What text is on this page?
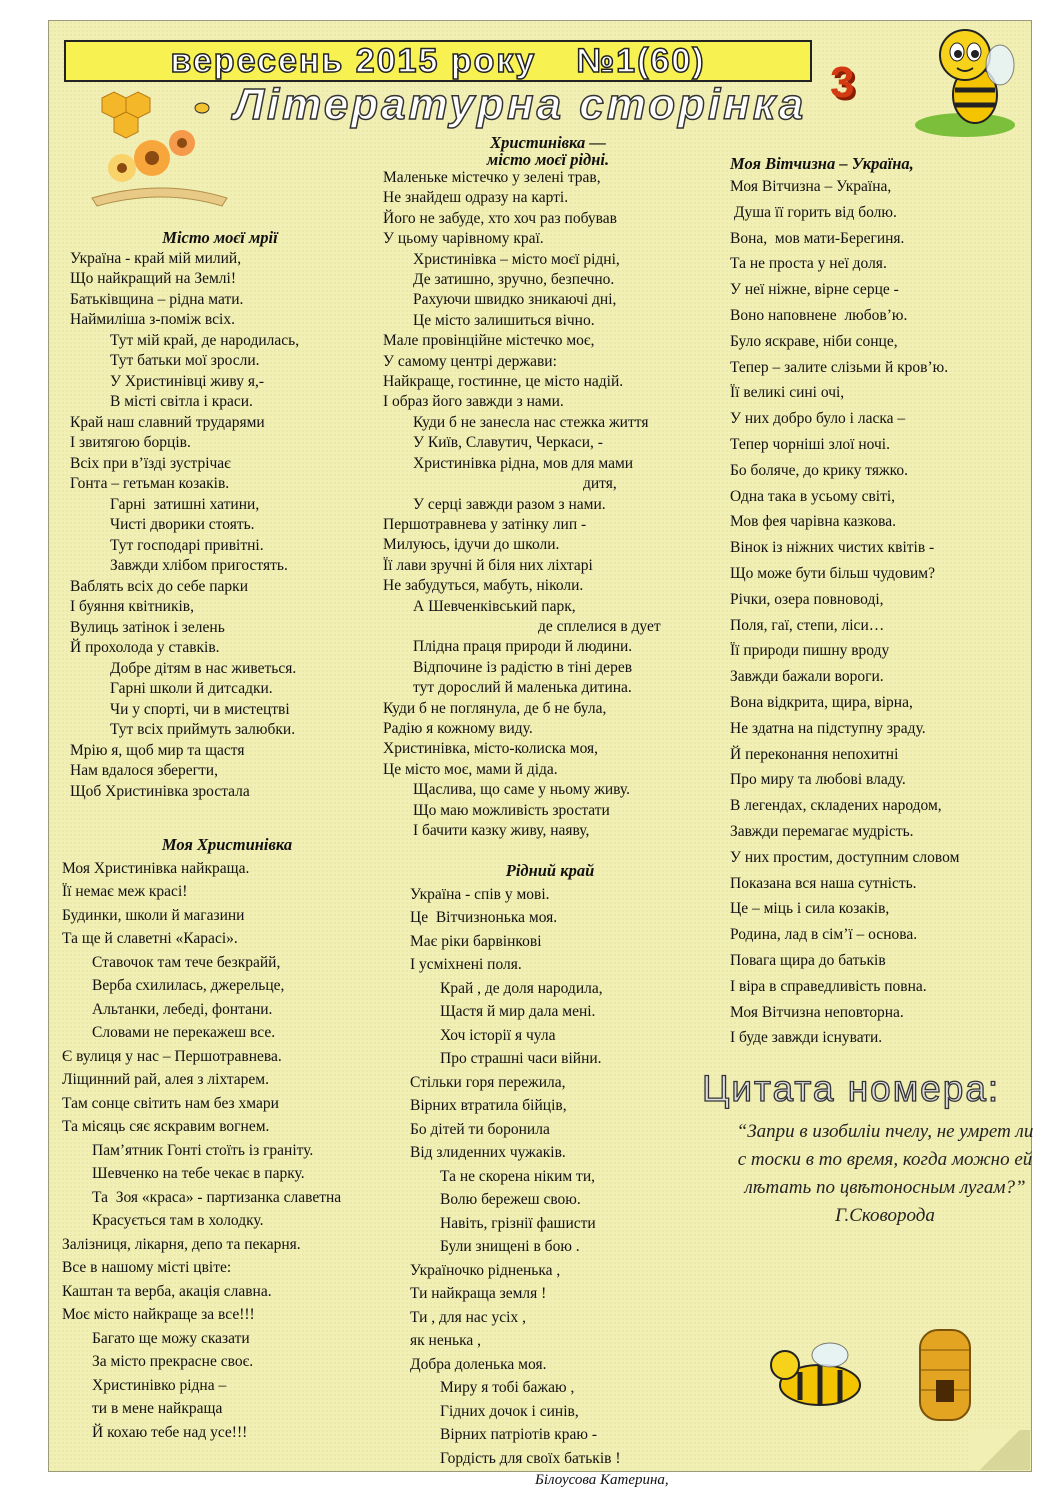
вересень 2015 року №1(60)	3
Літературна сторінка
Місто моєї мрії
Україна - край мій милий,
Що найкращий на Землі!
Батьківщина – рідна мати.
Наймиліша з-поміж всіх.
Тут мій край, де народилась,
Тут батьки мої зросли.
У Христинівці живу я,-
В місті світла і краси.
Край наш славний трударями
І звитягою борців.
Всіх при в’їзді зустрічає
Гонта – гетьман козаків.
Гарні  затишні хатини,
Чисті дворики стоять.
Тут господарі привітні.
Завжди хлібом пригостять.
Ваблять всіх до себе парки
І буяння квітників,
Вулиць затінок і зелень
Й прохолода у ставків.
Добре дітям в нас живеться.
Гарні школи й дитсадки.
Чи у спорті, чи в мистецтві
Тут всіх приймуть залюбки.
Мрію я, щоб мир та щастя
Нам вдалося зберегти,
Щоб Христинівка зростала
Моя Христинівка
Моя Христинівка найкраща.
Її немає меж красі!
Будинки, школи й магазини
Та ще й славетні «Карасі».
Ставочок там тече безкрайй,
Верба схилилась, джерельце,
Альтанки, лебеді, фонтани.
Словами не перекажеш все.
Є вулиця у нас – Першотравнева.
Ліщинний рай, алея з ліхтарем.
Там сонце світить нам без хмари
Та місяць сяє яскравим вогнем.
Пам’ятник Гонті стоїть із граніту.
Шевченко на тебе чекає в парку.
Та  Зоя «краса» - партизанка славетна
Красується там в холодку.
Залізниця, лікарня, депо та пекарня.
Все в нашому місті цвіте:
Каштан та верба, акація славна.
Моє місто найкраще за все!!!
Багато ще можу сказати
За місто прекрасне своє.
Христинівко рідна –
ти в мене найкраща
Й кохаю тебе над усе!!!
Христинівка —
місто моєї рідні.
Маленьке містечко у зелені трав,
Не знайдеш одразу на карті.
Його не забуде, хто хоч раз побував
У цьому чарівному краї.
Христинівка – місто моєї рідні,
Де затишно, зручно, безпечно.
Рахуючи швидко зникаючі дні,
Це місто залишиться вічно.
Мале провінційне містечко моє,
У самому центрі держави:
Найкраще, гостинне, це місто надій.
І образ його завжди з нами.
Куди б не занесла нас стежка життя
У Київ, Славутич, Черкаси, -
Христинівка рідна, мов для мами
дитя,
У серці завжди разом з нами.
Першотравнева у затінку лип -
Милуюсь, ідучи до школи.
Її лави зручні й біля них ліхтарі
Не забудуться, мабуть, ніколи.
А Шевченківський парк,
де сплелися в дует
Плідна праця природи й людини.
Відпочине із радістю в тіні дерев
тут дорослий й маленька дитина.
Куди б не поглянула, де б не була,
Радію я кожному виду.
Христинівка, місто-колиска моя,
Це місто моє, мами й діда.
Щаслива, що саме у ньому живу.
Що маю можливість зростати
І бачити казку живу, наяву,
Рідний край
Україна - спів у мові.
Це  Вітчизнонька моя.
Має ріки барвінкові
І усміхнені поля.
Край , де доля народила,
Щастя й мир дала мені.
Хоч історії я чула
Про страшні часи війни.
Стільки горя пережила,
Вірних втратила бійців,
Бо дітей ти боронила
Від злиденних чужаків.
Та не скорена ніким ти,
Волю бережеш свою.
Навіть, грізнії фашисти
Були знищені в бою .
Україночко рідненька ,
Ти найкраща земля !
Ти , для нас усіх ,
як ненька ,
Добра доленька моя.
Миру я тобі бажаю ,
Гідних дочок і синів,
Вірних патріотів краю -
Гордість для своїх батьків !
Моя Вітчизна – Україна,
Моя Вітчизна – Україна,
Душа її горить від болю.
Вона,  мов мати-Берегиня.
Та не проста у неї доля.
У неї ніжне, вірне серце -
Воно наповнене  любов’ю.
Було яскраве, ніби сонце,
Тепер – залите слізьми й кров’ю.
Її великі сині очі,
У них добро було і ласка –
Тепер чорніші злої ночі.
Бо боляче, до крику тяжко.
Одна така в усьому світі,
Мов фея чарівна казкова.
Вінок із ніжних чистих квітів -
Що може бути більш чудовим?
Річки, озера повноводі,
Поля, гаї, степи, ліси…
Її природи пишну вроду
Завжди бажали вороги.
Вона відкрита, щира, вірна,
Не здатна на підступну зраду.
Й переконання непохитні
Про миру та любові владу.
В легендах, складених народом,
Завжди перемагає мудрість.
У них простим, доступним словом
Показана вся наша сутність.
Це – міць і сила козаків,
Родина, лад в сім’ї – основа.
Повага щира до батьків
І віра в справедливість повна.
Моя Вітчизна неповторна.
І буде завжди існувати.
Цитата номера:
“Запри в изобиліи пчелу, не умрет ли с тоски в то время, когда можно ей лѣтать по цвѣтоносным лугам?” Г.Сковорода
Білоусова Катерина,
